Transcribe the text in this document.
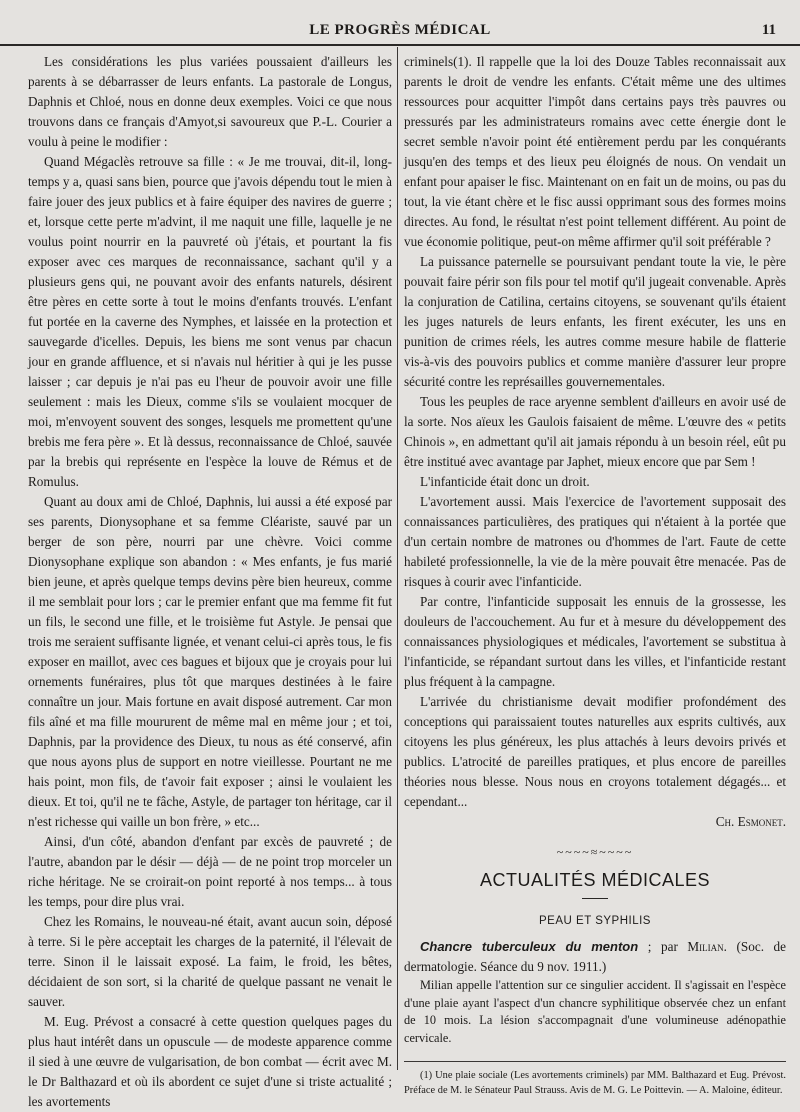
LE PROGRÈS MÉDICAL	11

Les considérations les plus variées poussaient d'ailleurs les parents à se débarrasser de leurs enfants. La pastorale de Longus, Daphnis et Chloé, nous en donne deux exemples. Voici ce que nous trouvons dans ce français d'Amyot,si savoureux que P.-L. Courier a voulu à peine le modifier :

Quand Mégaclès retrouve sa fille : « Je me trouvai, dit-il, long-temps y a, quasi sans bien, pource que j'avois dépendu tout le mien à faire jouer des jeux publics et à faire équiper des navires de guerre ; et, lorsque cette perte m'advint, il me naquit une fille, laquelle je ne voulus point nourrir en la pauvreté où j'étais, et pourtant la fis exposer avec ces marques de reconnaissance, sachant qu'il y a plusieurs gens qui, ne pouvant avoir des enfants naturels, désirent être pères en cette sorte à tout le moins d'enfants trouvés. L'enfant fut portée en la caverne des Nymphes, et laissée en la protection et sauvegarde d'icelles. Depuis, les biens me sont venus par chacun jour en grande affluence, et si n'avais nul héritier à qui je les pusse laisser ; car depuis je n'ai pas eu l'heur de pouvoir avoir une fille seulement : mais les Dieux, comme s'ils se voulaient mocquer de moi, m'envoyent souvent des songes, lesquels me promettent qu'une brebis me fera père ». Et là dessus, reconnaissance de Chloé, sauvée par la brebis qui représente en l'espèce la louve de Rémus et de Romulus.

Quant au doux ami de Chloé, Daphnis, lui aussi a été exposé par ses parents, Dionysophane et sa femme Cléariste, sauvé par un berger de son père, nourri par une chèvre. Voici comme Dionysophane explique son abandon : « Mes enfants, je fus marié bien jeune, et après quelque temps devins père bien heureux, comme il me semblait pour lors ; car le premier enfant que ma femme fit fut un fils, le second une fille, et le troisième fut Astyle. Je pensai que trois me seraient suffisante lignée, et venant celui-ci après tous, le fis exposer en maillot, avec ces bagues et bijoux que je croyais pour lui ornements funéraires, plus tôt que marques destinées à le faire connaître un jour. Mais fortune en avait disposé autrement. Car mon fils aîné et ma fille moururent de même mal en même jour ; et toi, Daphnis, par la providence des Dieux, tu nous as été conservé, afin que nous ayons plus de support en notre vieillesse. Pourtant ne me hais point, mon fils, de t'avoir fait exposer ; ainsi le voulaient les dieux. Et toi, qu'il ne te fâche, Astyle, de partager ton héritage, car il n'est richesse qui vaille un bon frère, » etc...

Ainsi, d'un côté, abandon d'enfant par excès de pauvreté ; de l'autre, abandon par le désir — déjà — de ne point trop morceler un riche héritage. Ne se croirait-on point reporté à nos temps... à tous les temps, pour dire plus vrai.

Chez les Romains, le nouveau-né était, avant aucun soin, déposé à terre. Si le père acceptait les charges de la paternité, il l'élevait de terre. Sinon il le laissait exposé. La faim, le froid, les bêtes, décidaient de son sort, si la charité de quelque passant ne venait le sauver.

M. Eug. Prévost a consacré à cette question quelques pages du plus haut intérêt dans un opuscule — de modeste apparence comme il sied à une œuvre de vulgarisation, de bon combat — écrit avec M. le Dr Balthazard et où ils abordent ce sujet d'une si triste actualité ; les avortements

criminels(1). Il rappelle que la loi des Douze Tables reconnaissait aux parents le droit de vendre les enfants. C'était même une des ultimes ressources pour acquitter l'impôt dans certains pays très pauvres ou pressurés par les administrateurs romains avec cette énergie dont le secret semble n'avoir point été entièrement perdu par les conquérants jusqu'en des temps et des lieux peu éloignés de nous. On vendait un enfant pour apaiser le fisc. Maintenant on en fait un de moins, ou pas du tout, la vie étant chère et le fisc aussi opprimant sous des formes moins directes. Au fond, le résultat n'est point tellement différent. Au point de vue économie politique, peut-on même affirmer qu'il soit préférable ?

La puissance paternelle se poursuivant pendant toute la vie, le père pouvait faire périr son fils pour tel motif qu'il jugeait convenable. Après la conjuration de Catilina, certains citoyens, se souvenant qu'ils étaient les juges naturels de leurs enfants, les firent exécuter, les uns en punition de crimes réels, les autres comme mesure habile de flatterie vis-à-vis des pouvoirs publics et comme manière d'assurer leur propre sécurité contre les représailles gouvernementales.

Tous les peuples de race aryenne semblent d'ailleurs en avoir usé de la sorte. Nos aïeux les Gaulois faisaient de même. L'œuvre des « petits Chinois », en admettant qu'il ait jamais répondu à un besoin réel, eût pu être institué avec avantage par Japhet, mieux encore que par Sem !

L'infanticide était donc un droit.

L'avortement aussi. Mais l'exercice de l'avortement supposait des connaissances particulières, des pratiques qui n'étaient à la portée que d'un certain nombre de matrones ou d'hommes de l'art. Faute de cette habileté professionnelle, la vie de la mère pouvait être menacée. Pas de risques à courir avec l'infanticide.

Par contre, l'infanticide supposait les ennuis de la grossesse, les douleurs de l'accouchement. Au fur et à mesure du développement des connaissances physiologiques et médicales, l'avortement se substitua à l'infanticide, se répandant surtout dans les villes, et l'infanticide restant plus fréquent à la campagne.

L'arrivée du christianisme devait modifier profondément des conceptions qui paraissaient toutes naturelles aux esprits cultivés, aux citoyens les plus généreux, les plus attachés à leurs devoirs privés et publics. L'atrocité de pareilles pratiques, et plus encore de pareilles théories nous blesse. Nous nous en croyons totalement dégagés... et cependant...

Ch. Esmonet.
~~~~≈~~~~
ACTUALITÉS MÉDICALES
PEAU ET SYPHILIS

Chancre tuberculeux du menton ; par Milian. (Soc. de dermatologie. Séance du 9 nov. 1911.)

Milian appelle l'attention sur ce singulier accident. Il s'agissait en l'espèce d'une plaie ayant l'aspect d'un chancre syphilitique observée chez un enfant de 10 mois. La lésion s'accompagnait d'une volumineuse adénopathie cervicale.

(1) Une plaie sociale (Les avortements criminels) par MM. Balthazard et Eug. Prévost. Préface de M. le Sénateur Paul Strauss. Avis de M. G. Le Poittevin. — A. Maloine, éditeur.
